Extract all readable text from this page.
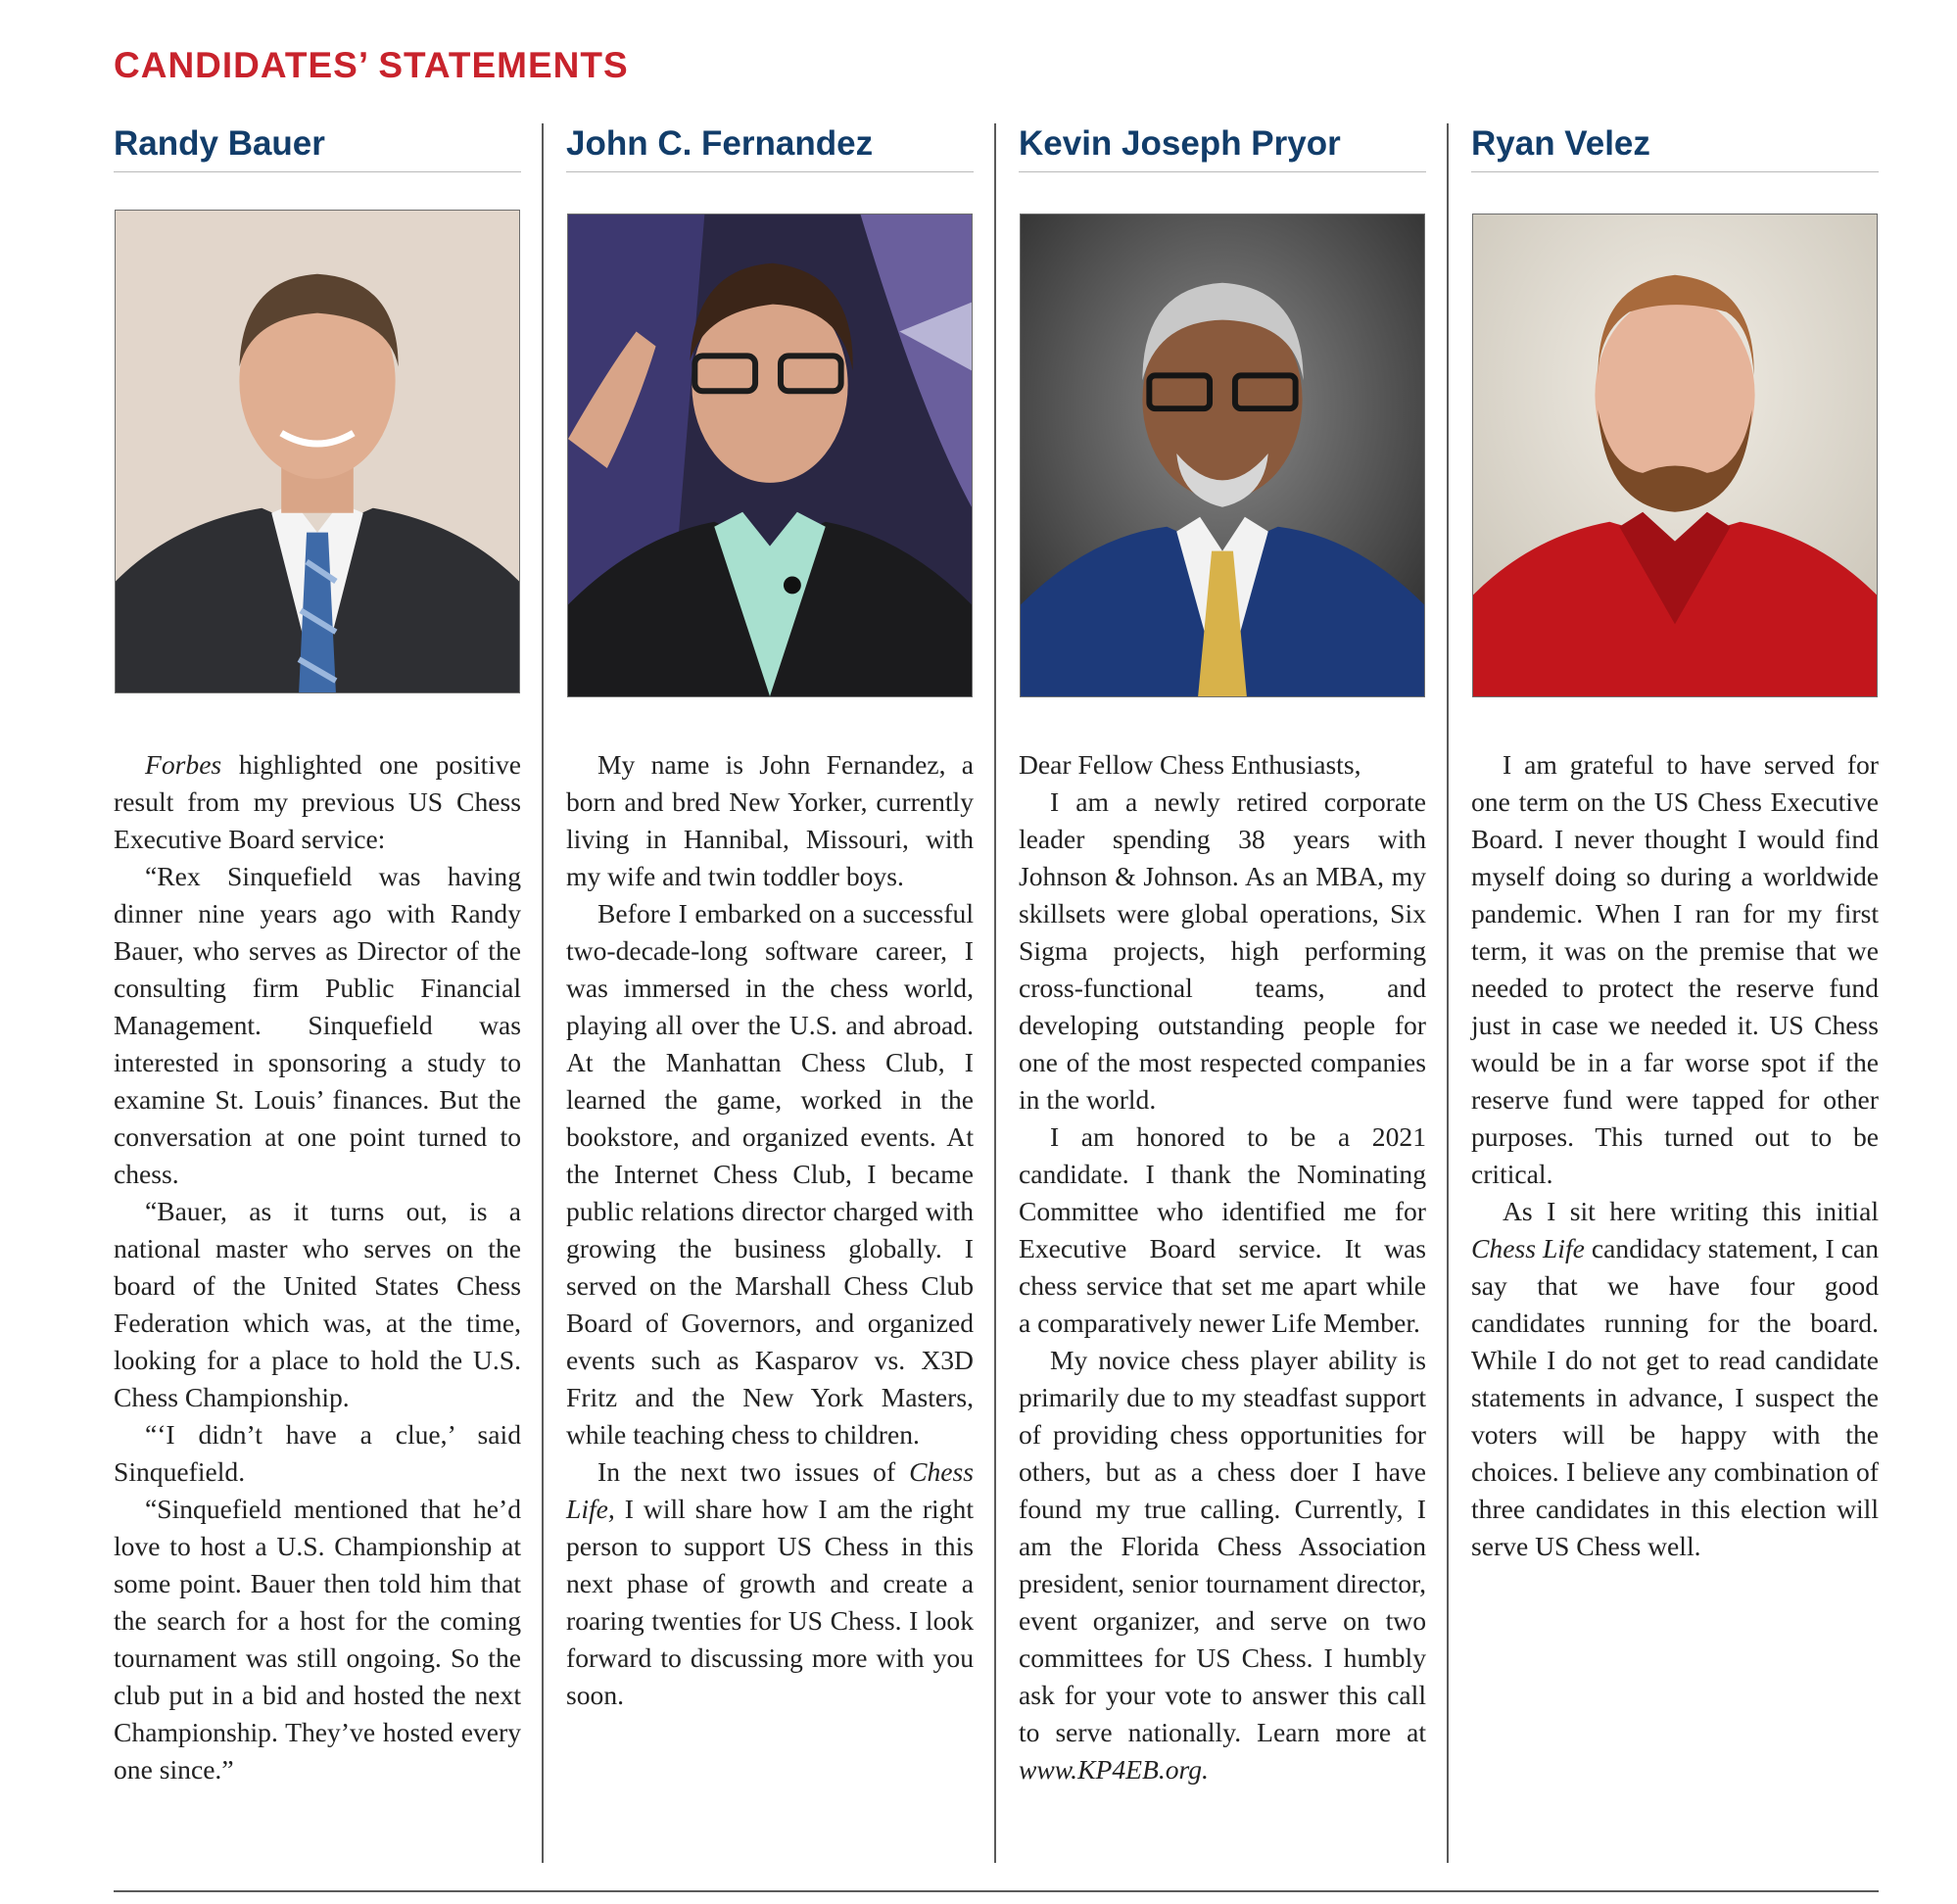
CANDIDATES’ STATEMENTS
Randy Bauer

Forbes highlighted one positive result from my previous US Chess Executive Board service:

“Rex Sinquefield was having dinner nine years ago with Randy Bauer, who serves as Director of the consulting firm Public Financial Management. Sinquefield was interested in sponsoring a study to examine St. Louis’ finances. But the conversation at one point turned to chess.

“Bauer, as it turns out, is a national master who serves on the board of the United States Chess Federation which was, at the time, looking for a place to hold the U.S. Chess Championship.

“‘I didn’t have a clue,’ said Sinquefield.

“Sinquefield mentioned that he’d love to host a U.S. Championship at some point. Bauer then told him that the search for a host for the coming tournament was still ongoing. So the club put in a bid and hosted the next Championship. They’ve hosted every one since.”

John C. Fernandez

My name is John Fernandez, a born and bred New Yorker, currently living in Hannibal, Missouri, with my wife and twin toddler boys.

Before I embarked on a successful two-decade-long software career, I was immersed in the chess world, playing all over the U.S. and abroad. At the Manhattan Chess Club, I learned the game, worked in the bookstore, and organized events. At the Internet Chess Club, I became public relations director charged with growing the business globally. I served on the Marshall Chess Club Board of Governors, and organized events such as Kasparov vs. X3D Fritz and the New York Masters, while teaching chess to children.

In the next two issues of Chess Life, I will share how I am the right person to support US Chess in this next phase of growth and create a roaring twenties for US Chess. I look forward to discussing more with you soon.

Kevin Joseph Pryor

Dear Fellow Chess Enthusiasts,

I am a newly retired corporate leader spending 38 years with Johnson & Johnson. As an MBA, my skillsets were global operations, Six Sigma projects, high performing cross-functional teams, and developing outstanding people for one of the most respected companies in the world.

I am honored to be a 2021 candidate. I thank the Nominating Committee who identified me for Executive Board service. It was chess service that set me apart while a comparatively newer Life Member.

My novice chess player ability is primarily due to my steadfast support of providing chess opportunities for others, but as a chess doer I have found my true calling. Currently, I am the Florida Chess Association president, senior tournament director, event organizer, and serve on two committees for US Chess. I humbly ask for your vote to answer this call to serve nationally. Learn more at www.KP4EB.org.

Ryan Velez

I am grateful to have served for one term on the US Chess Executive Board. I never thought I would find myself doing so during a worldwide pandemic. When I ran for my first term, it was on the premise that we needed to protect the reserve fund just in case we needed it. US Chess would be in a far worse spot if the reserve fund were tapped for other purposes. This turned out to be critical.

As I sit here writing this initial Chess Life candidacy statement, I can say that we have four good candidates running for the board. While I do not get to read candidate statements in advance, I suspect the voters will be happy with the choices. I believe any combination of three candidates in this election will serve US Chess well.
